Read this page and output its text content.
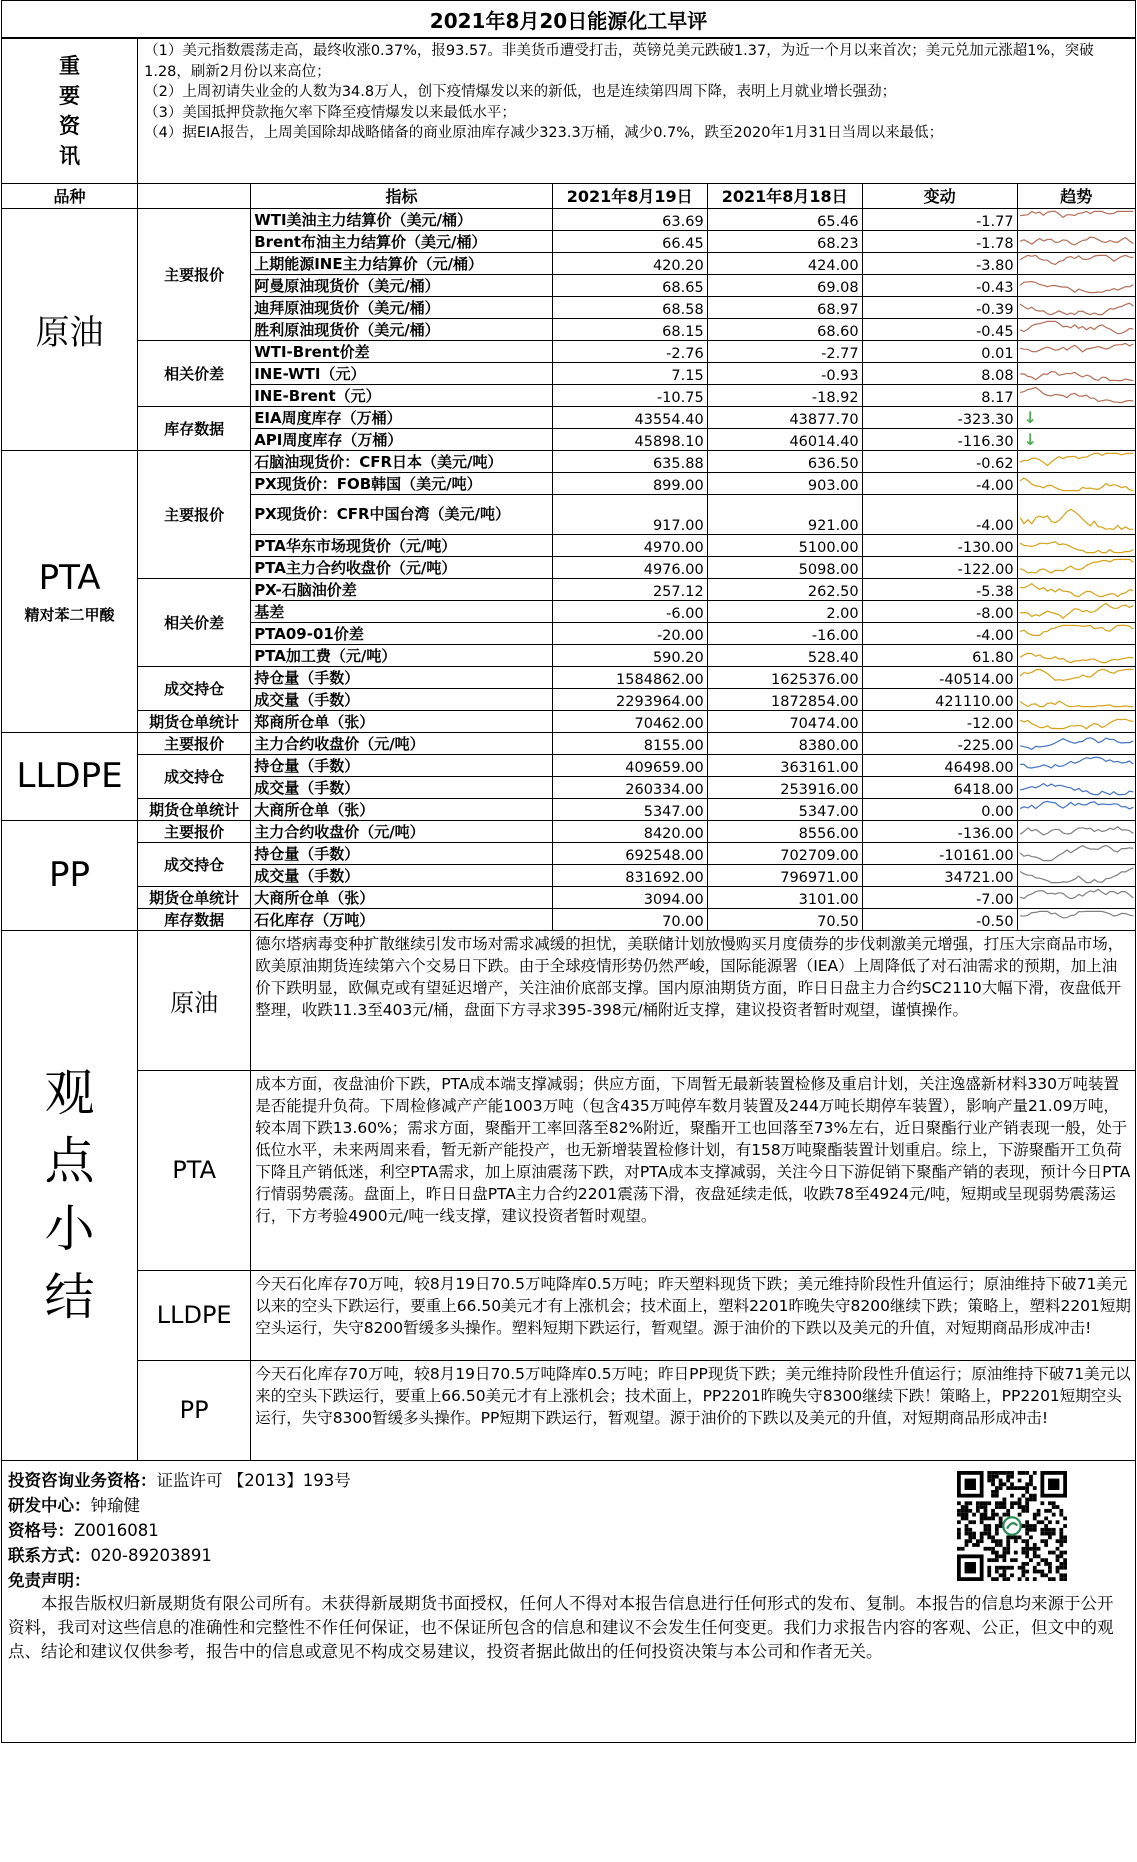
2021年8月20日能源化工早评						
重要资讯	（1）美元指数震荡走高，最终收涨0.37%，报93.57。非美货币遭受打击，英镑兑美元跌破1.37，为近一个月以来首次；美元兑加元涨超1%，突破1.28，刷新2月份以来高位；
（2）上周初请失业金的人数为34.8万人，创下疫情爆发以来的新低，也是连续第四周下降，表明上月就业增长强劲；
（3）美国抵押贷款拖欠率下降至疫情爆发以来最低水平；
（4）据EIA报告，上周美国除却战略储备的商业原油库存减少323.3万桶，减少0.7%，跌至2020年1月31日当周以来最低；					

品种		指标	2021年8月19日	2021年8月18日	变动	趋势
原油	主要报价	WTI美油主力结算价（美元/桶）	63.69	65.46	-1.77	

		Brent布油主力结算价（美元/桶）	66.45	68.23	-1.78	

		上期能源INE主力结算价（元/桶）	420.20	424.00	-3.80	

		阿曼原油现货价（美元/桶）	68.65	69.08	-0.43	

		迪拜原油现货价（美元/桶）	68.58	68.97	-0.39	

		胜利原油现货价（美元/桶）	68.15	68.60	-0.45	

	相关价差	WTI-Brent价差	-2.76	-2.77	0.01	

		INE-WTI（元）	7.15	-0.93	8.08	

		INE-Brent（元）	-10.75	-18.92	8.17	

	库存数据	EIA周度库存（万桶）	43554.40	43877.70	-323.30	↓
		API周度库存（万桶）	45898.10	46014.40	-116.30	↓
PTA
精对苯二甲酸	主要报价	石脑油现货价：CFR日本（美元/吨）	635.88	636.50	-0.62	

		PX现货价：FOB韩国（美元/吨）	899.00	903.00	-4.00	

		PX现货价：CFR中国台湾（美元/吨）	917.00	921.00	-4.00	

		PTA华东市场现货价（元/吨）	4970.00	5100.00	-130.00	

		PTA主力合约收盘价（元/吨）	4976.00	5098.00	-122.00	

	相关价差	PX-石脑油价差	257.12	262.50	-5.38	

		基差	-6.00	2.00	-8.00	

		PTA09-01价差	-20.00	-16.00	-4.00	

		PTA加工费（元/吨）	590.20	528.40	61.80	

	成交持仓	持仓量（手数）	1584862.00	1625376.00	-40514.00	

		成交量（手数）	2293964.00	1872854.00	421110.00	

	期货仓单统计	郑商所仓单（张）	70462.00	70474.00	-12.00	

LLDPE	主要报价	主力合约收盘价（元/吨）	8155.00	8380.00	-225.00	

	成交持仓	持仓量（手数）	409659.00	363161.00	46498.00	

		成交量（手数）	260334.00	253916.00	6418.00	

	期货仓单统计	大商所仓单（张）	5347.00	5347.00	0.00	

PP	主要报价	主力合约收盘价（元/吨）	8420.00	8556.00	-136.00	

	成交持仓	持仓量（手数）	692548.00	702709.00	-10161.00	

		成交量（手数）	831692.00	796971.00	34721.00	

	期货仓单统计	大商所仓单（张）	3094.00	3101.00	-7.00	

	库存数据	石化库存（万吨）	70.00	70.50	-0.50	

观点小结	原油	德尔塔病毒变种扩散继续引发市场对需求减缓的担忧，美联储计划放慢购买月度债券的步伐刺激美元增强，打压大宗商品市场，欧美原油期货连续第六个交易日下跌。由于全球疫情形势仍然严峻，国际能源署（IEA）上周降低了对石油需求的预期，加上油价下跌明显，欧佩克或有望延迟增产，关注油价底部支撑。国内原油期货方面，昨日日盘主力合约SC2110大幅下滑，夜盘低开整理，收跌11.3至403元/桶，盘面下方寻求395-398元/桶附近支撑，建议投资者暂时观望，谨慎操作。				
	PTA	成本方面，夜盘油价下跌，PTA成本端支撑减弱；供应方面，下周暂无最新装置检修及重启计划，关注逸盛新材料330万吨装置是否能提升负荷。下周检修减产产能1003万吨（包含435万吨停车数月装置及244万吨长期停车装置），影响产量21.09万吨，较本周下跌13.60%；需求方面，聚酯开工率回落至82%附近，聚酯开工也回落至73%左右，近日聚酯行业产销表现一般，处于低位水平，未来两周来看，暂无新产能投产，也无新增装置检修计划，有158万吨聚酯装置计划重启。综上，下游聚酯开工负荷下降且产销低迷，利空PTA需求，加上原油震荡下跌，对PTA成本支撑减弱，关注今日下游促销下聚酯产销的表现，预计今日PTA行情弱势震荡。盘面上，昨日日盘PTA主力合约2201震荡下滑，夜盘延续走低，收跌78至4924元/吨，短期或呈现弱势震荡运行，下方考验4900元/吨一线支撑，建议投资者暂时观望。				
	LLDPE	今天石化库存70万吨，较8月19日70.5万吨降库0.5万吨；昨天塑料现货下跌；美元维持阶段性升值运行；原油维持下破71美元以来的空头下跌运行，要重上66.50美元才有上涨机会；技术面上，塑料2201昨晚失守8200继续下跌；策略上，塑料2201短期空头运行，失守8200暂缓多头操作。塑料短期下跌运行，暂观望。源于油价的下跌以及美元的升值，对短期商品形成冲击!				
	PP	今天石化库存70万吨，较8月19日70.5万吨降库0.5万吨；昨日PP现货下跌；美元维持阶段性升值运行；原油维持下破71美元以来的空头下跌运行，要重上66.50美元才有上涨机会；技术面上，PP2201昨晚失守8300继续下跌！策略上，PP2201短期空头运行，失守8300暂缓多头操作。PP短期下跌运行，暂观望。源于油价的下跌以及美元的升值，对短期商品形成冲击!				
投资咨询业务资格：证监许可 【2013】193号
研发中心：钟瑜健
资格号：Z0016081
联系方式：020-89203891
免责声明：
本报告版权归新晟期货有限公司所有。未获得新晟期货书面授权，任何人不得对本报告信息进行任何形式的发布、复制。本报告的信息均来源于公开资料，我司对这些信息的准确性和完整性不作任何保证，也不保证所包含的信息和建议不会发生任何变更。我们力求报告内容的客观、公正，但文中的观点、结论和建议仅供参考，报告中的信息或意见不构成交易建议，投资者据此做出的任何投资决策与本公司和作者无关。
